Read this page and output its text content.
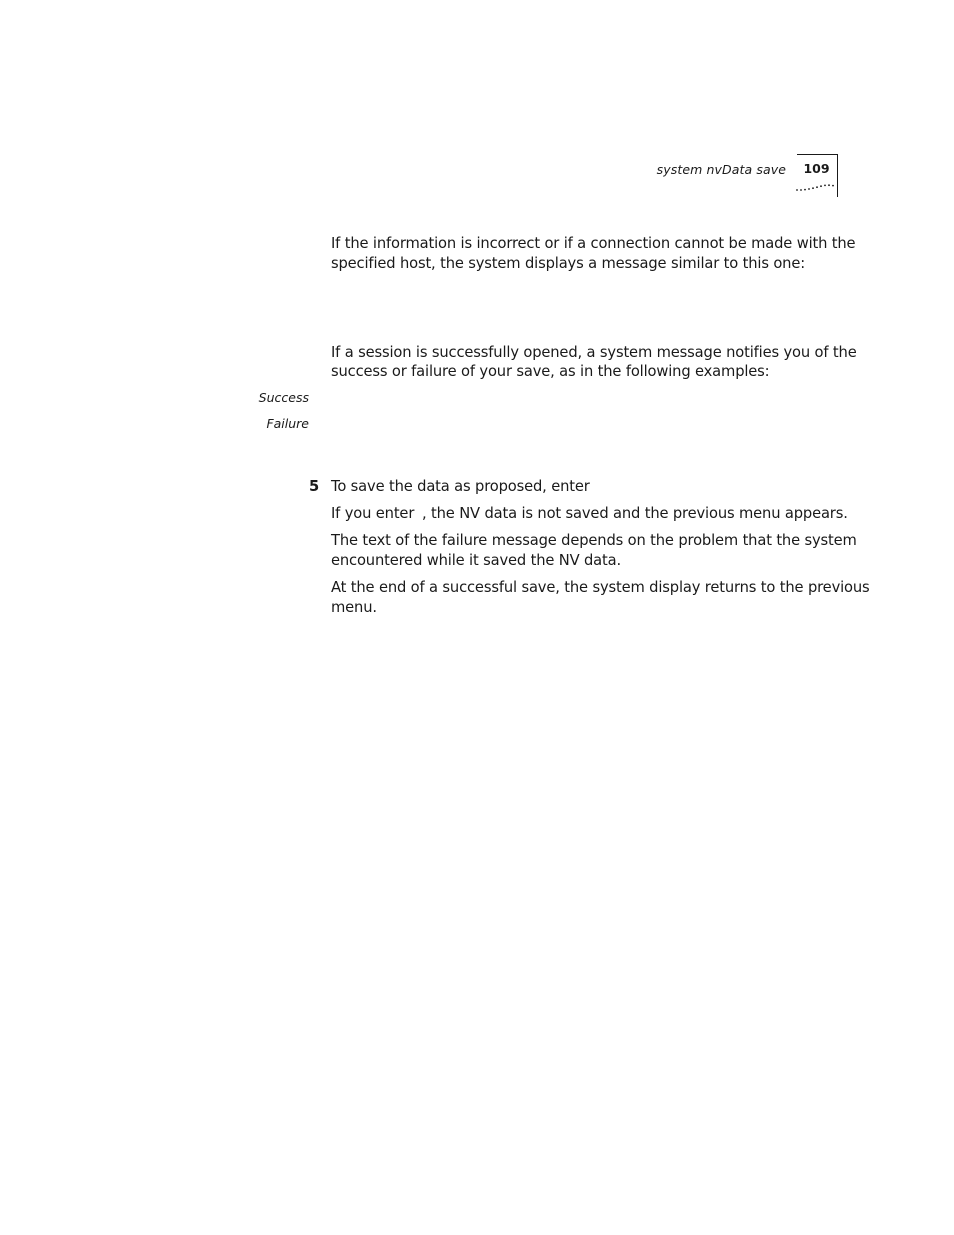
system nvData save	109
If the information is incorrect or if a connection cannot be made with the
specified host, the system displays a message similar to this one:
If a session is successfully opened, a system message notifies you of the
success or failure of your save, as in the following examples:
Success
Failure
5 To save the data as proposed, enter
If you enter , the NV data is not saved and the previous menu appears.
The text of the failure message depends on the problem that the system
encountered while it saved the NV data.
At the end of a successful save, the system display returns to the previous
menu.
